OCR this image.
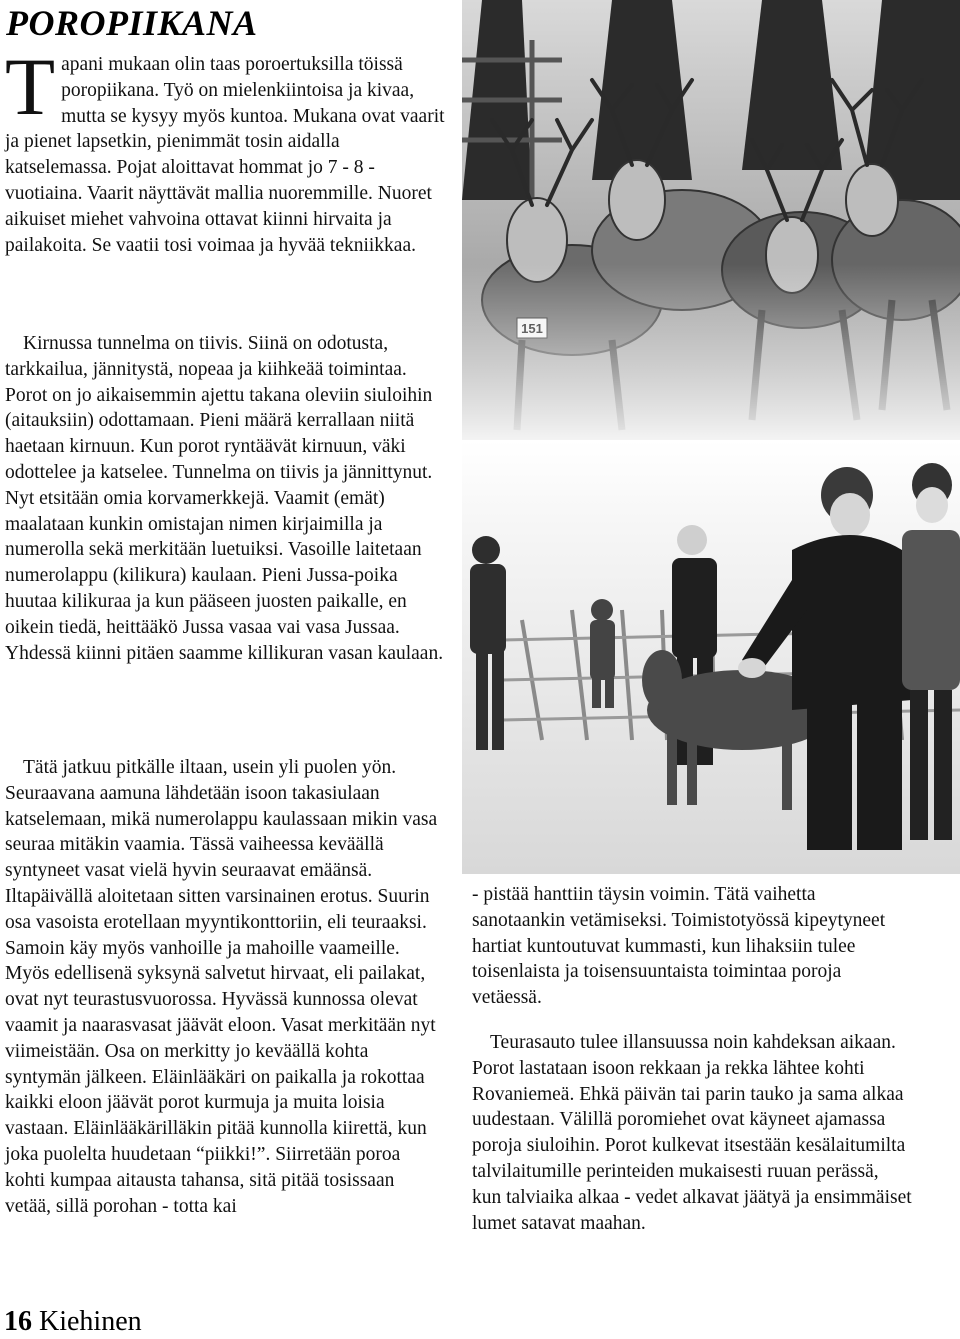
POROPIIKANA

Tapani mukaan olin taas poroertuksilla töissä poropiikana. Työ on mielenkiintoisa ja kivaa, mutta se kysyy myös kuntoa. Mukana ovat vaarit ja pienet lapsetkin, pienimmät tosin aidalla katselemassa. Pojat aloittavat hommat jo 7 - 8 -vuotiaina. Vaarit näyttävät mallia nuoremmille. Nuoret aikuiset miehet vahvoina ottavat kiinni hirvaita ja pailakoita. Se vaatii tosi voimaa ja hyvää tekniikkaa.

Kirnussa tunnelma on tiivis. Siinä on odotusta, tarkkailua, jännitystä, nopeaa ja kiihkeää toimintaa. Porot on jo aikaisemmin ajettu takana oleviin siuloihin (aitauksiin) odottamaan. Pieni määrä kerrallaan niitä haetaan kirnuun. Kun porot ryntäävät kirnuun, väki odottelee ja katselee. Tunnelma on tiivis ja jännittynut. Nyt etsitään omia korvamerkkejä. Vaamit (emät) maalataan kunkin omistajan nimen kirjaimilla ja numerolla sekä merkitään luetuiksi. Vasoille laitetaan numerolappu (kilikura) kaulaan. Pieni Jussa-poika huutaa kilikuraa ja kun pääseen juosten paikalle, en oikein tiedä, heittääkö Jussa vasaa vai vasa Jussaa. Yhdessä kiinni pitäen saamme killikuran vasan kaulaan.

Tätä jatkuu pitkälle iltaan, usein yli puolen yön. Seuraavana aamuna lähdetään isoon takasiulaan katselemaan, mikä numerolappu kaulassaan mikin vasa seuraa mitäkin vaamia. Tässä vaiheessa keväällä syntyneet vasat vielä hyvin seuraavat emäänsä. Iltapäivällä aloitetaan sitten varsinainen erotus. Suurin osa vasoista erotellaan myyntikonttoriin, eli teuraaksi. Samoin käy myös vanhoille ja mahoille vaameille. Myös edellisenä syksynä salvetut hirvaat, eli pailakat, ovat nyt teurastusvuorossa. Hyvässä kunnossa olevat vaamit ja naarasvasat jäävät eloon. Vasat merkitään nyt viimeistään. Osa on merkitty jo keväällä kohta syntymän jälkeen. Eläinlääkäri on paikalla ja rokottaa kaikki eloon jäävät porot kurmuja ja muita loisia vastaan. Eläinlääkärilläkin pitää kunnolla kiirettä, kun joka puolelta huudetaan “piikki!”. Siirretään poroa kohti kumpaa aitausta tahansa, sitä pitää tosissaan vetää, sillä porohan - totta kai

- pistää hanttiin täysin voimin. Tätä vaihetta sanotaankin vetämiseksi. Toimistotyössä kipeytyneet hartiat kuntoutuvat kummasti, kun lihaksiin tulee toisenlaista ja toisensuuntaista toimintaa poroja vetäessä.

Teurasauto tulee illansuussa noin kahdeksan aikaan. Porot lastataan isoon rekkaan ja rekka lähtee kohti Rovaniemeä. Ehkä päivän tai parin tauko ja sama alkaa uudestaan. Välillä poromiehet ovat käyneet ajamassa poroja siuloihin. Porot kulkevat itsestään kesälaitumilta talvilaitumille perinteiden mukaisesti ruuan perässä, kun talviaika alkaa - vedet alkavat jäätyä ja ensimmäiset lumet satavat maahan.

16 Kiehinen
